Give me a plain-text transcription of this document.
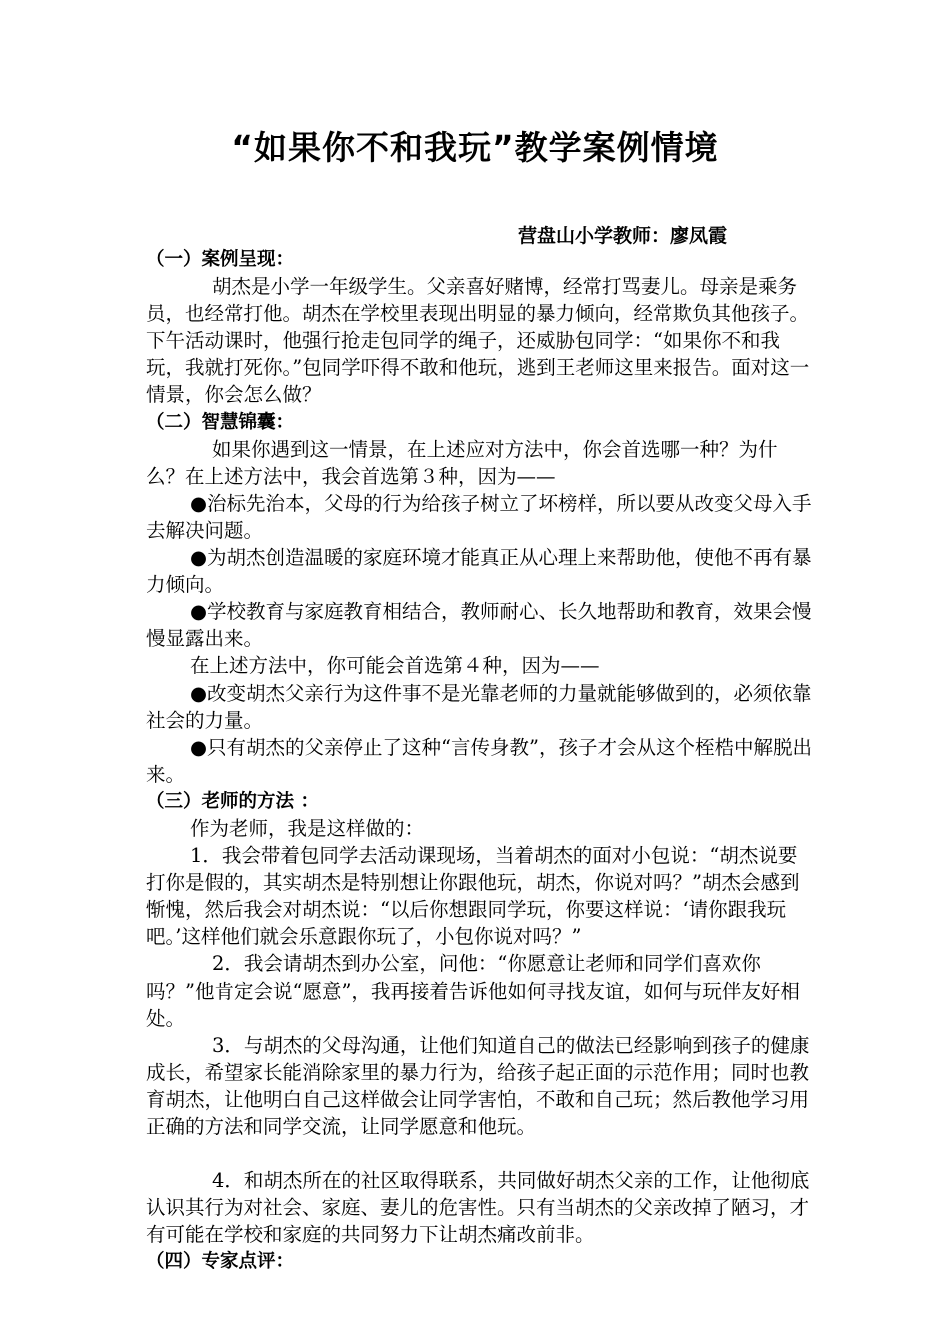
“如果你不和我玩”教学案例情境
营盘山小学教师：廖凤霞

（一）案例呈现：

胡杰是小学一年级学生。父亲喜好赌博，经常打骂妻儿。母亲是乘务员，也经常打他。胡杰在学校里表现出明显的暴力倾向，经常欺负其他孩子。下午活动课时，他强行抢走包同学的绳子，还威胁包同学：“如果你不和我玩，我就打死你。”包同学吓得不敢和他玩，逃到王老师这里来报告。面对这一情景，你会怎么做？

（二）智慧锦囊：

如果你遇到这一情景，在上述应对方法中，你会首选哪一种？为什么？在上述方法中，我会首选第３种，因为——

●治标先治本，父母的行为给孩子树立了坏榜样，所以要从改变父母入手去解决问题。

●为胡杰创造温暖的家庭环境才能真正从心理上来帮助他，使他不再有暴力倾向。

●学校教育与家庭教育相结合，教师耐心、长久地帮助和教育，效果会慢慢显露出来。

在上述方法中，你可能会首选第４种，因为——

●改变胡杰父亲行为这件事不是光靠老师的力量就能够做到的，必须依靠社会的力量。

●只有胡杰的父亲停止了这种“言传身教”，孩子才会从这个桎梏中解脱出来。

（三）老师的方法 ：

作为老师，我是这样做的：

1．我会带着包同学去活动课现场，当着胡杰的面对小包说：“胡杰说要打你是假的，其实胡杰是特别想让你跟他玩，胡杰，你说对吗？”胡杰会感到惭愧，然后我会对胡杰说：“以后你想跟同学玩，你要这样说：‘请你跟我玩吧。’这样他们就会乐意跟你玩了，小包你说对吗？”

2．我会请胡杰到办公室，问他：“你愿意让老师和同学们喜欢你吗？”他肯定会说“愿意”，我再接着告诉他如何寻找友谊，如何与玩伴友好相处。

3．与胡杰的父母沟通，让他们知道自己的做法已经影响到孩子的健康成长，希望家长能消除家里的暴力行为，给孩子起正面的示范作用；同时也教育胡杰，让他明白自己这样做会让同学害怕，不敢和自己玩；然后教他学习用正确的方法和同学交流，让同学愿意和他玩。

4．和胡杰所在的社区取得联系，共同做好胡杰父亲的工作，让他彻底认识其行为对社会、家庭、妻儿的危害性。只有当胡杰的父亲改掉了陋习，才有可能在学校和家庭的共同努力下让胡杰痛改前非。

（四）专家点评：
